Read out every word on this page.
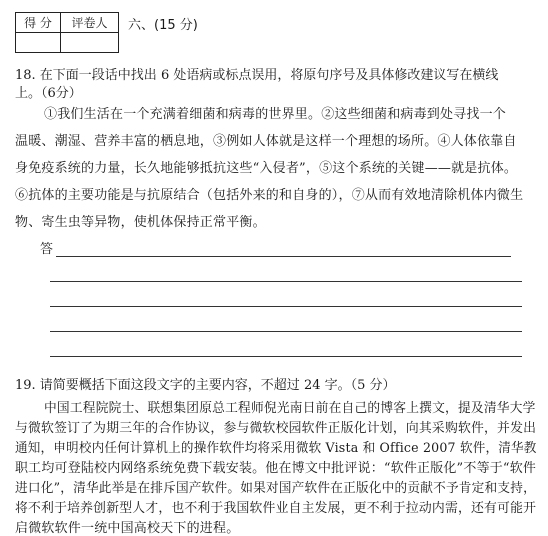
得 分	评卷人
	六、(15 分)
18. 在下面一段话中找出 6 处语病或标点误用，将原句序号及具体修改建议写在横线
上。（6分）
①我们生活在一个充满着细菌和病毒的世界里。②这些细菌和病毒到处寻找一个
温暖、潮湿、营养丰富的栖息地，③例如人体就是这样一个理想的场所。④人体依靠自
身免疫系统的力量，长久地能够抵抗这些“入侵者”，⑤这个系统的关键——就是抗体。
⑥抗体的主要功能是与抗原结合（包括外来的和自身的），⑦从而有效地清除机体内微生
物、寄生虫等异物，使机体保持正常平衡。
答
19. 请简要概括下面这段文字的主要内容，不超过 24 字。（5 分）
中国工程院院士、联想集团原总工程师倪光南日前在自己的博客上撰文，提及清华大学
与微软签订了为期三年的合作协议，参与微软校园软件正版化计划，向其采购软件，并发出
通知，申明校内任何计算机上的操作软件均将采用微软 Vista 和 Office 2007 软件，清华教
职工均可登陆校内网络系统免费下载安装。他在博文中批评说：“软件正版化”不等于“软件
进口化”，清华此举是在排斥国产软件。如果对国产软件在正版化中的贡献不予肯定和支持，
将不利于培养创新型人才，也不利于我国软件业自主发展，更不利于拉动内需，还有可能开
启微软软件一统中国高校天下的进程。
